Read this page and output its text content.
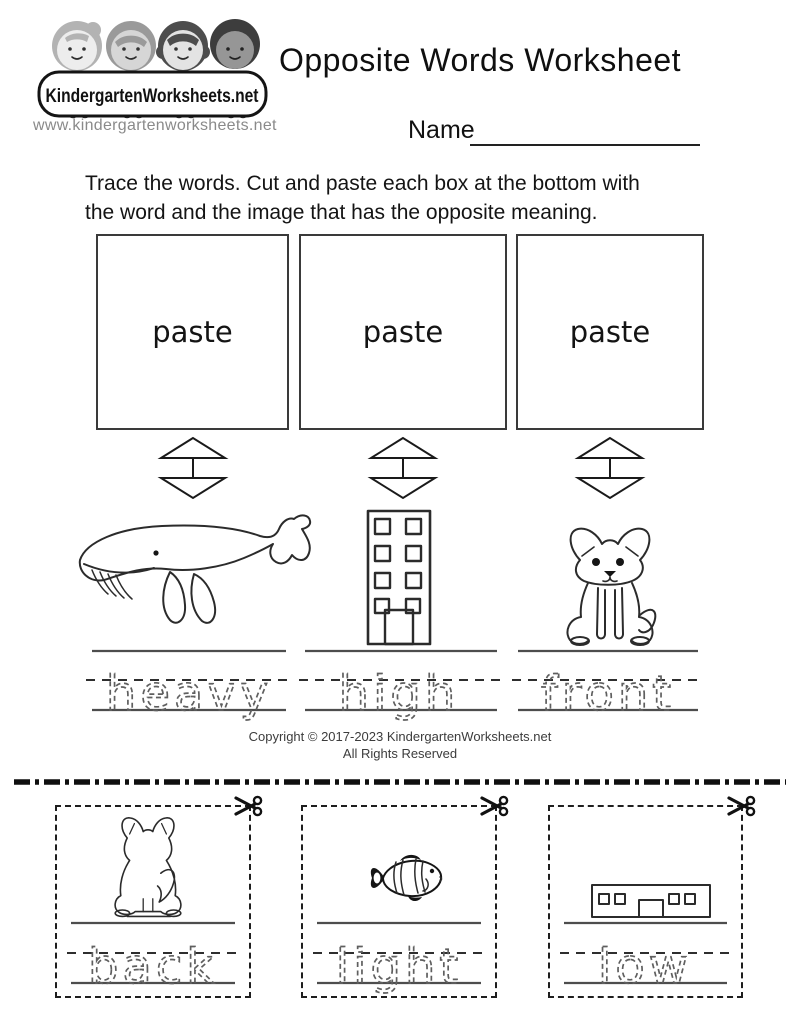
KindergartenWorksheets.net
www.kindergartenworksheets.net
Opposite Words Worksheet
Name
Trace the words. Cut and paste each box at the bottom with
the word and the image that has the opposite meaning.
paste	paste	paste
heavy high front
Copyright © 2017-2023 KindergartenWorksheets.net
All Rights Reserved
back light	low
